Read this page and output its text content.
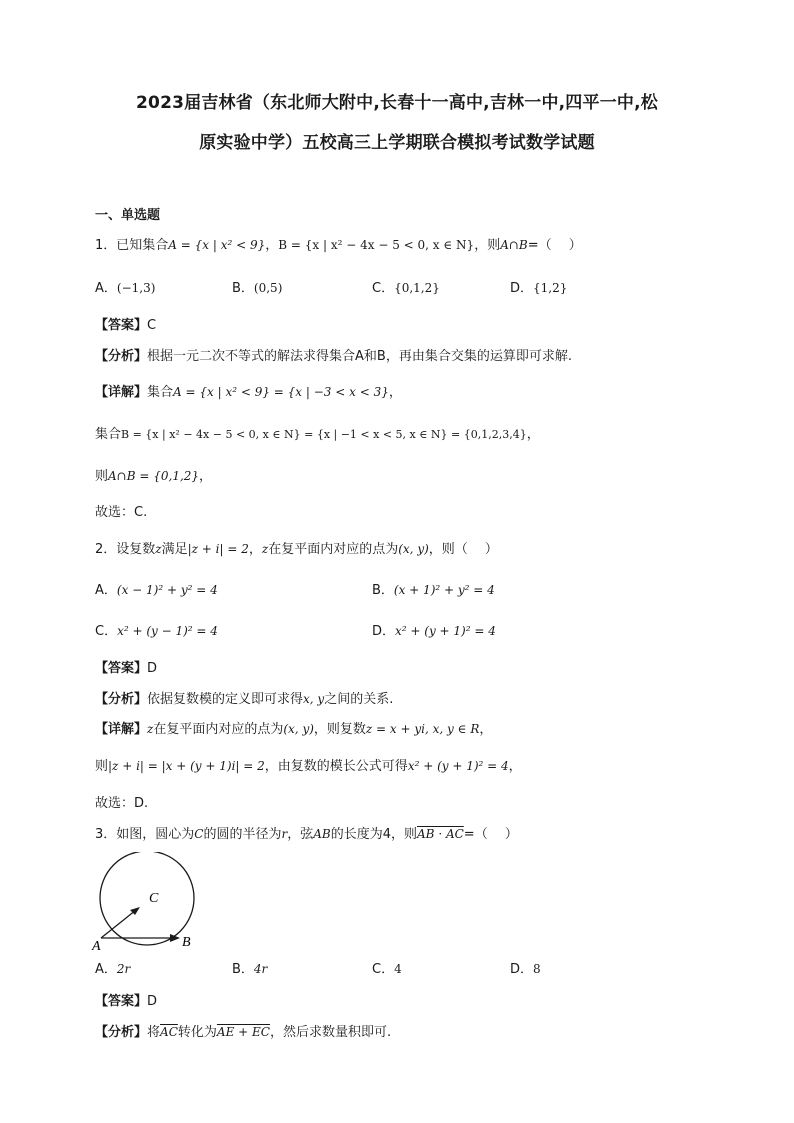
2023届吉林省（东北师大附中,长春十一高中,吉林一中,四平一中,松
原实验中学）五校高三上学期联合模拟考试数学试题
一、单选题
1．已知集合A = {x | x² < 9}，B = {x | x² − 4x − 5 < 0, x ∈ N}，则A∩B=（　 ）
A．(−1,3)	B．(0,5)	C．{0,1,2}	D．{1,2}
【答案】C
【分析】根据一元二次不等式的解法求得集合A和B，再由集合交集的运算即可求解.
【详解】集合A = {x | x² < 9} = {x | −3 < x < 3}，
集合B = {x | x² − 4x − 5 < 0, x ∈ N} = {x | −1 < x < 5, x ∈ N} = {0,1,2,3,4}，
则A∩B = {0,1,2}，
故选：C.
2．设复数z满足|z + i| = 2，z在复平面内对应的点为(x, y)，则（　 ）
A．(x − 1)² + y² = 4	B．(x + 1)² + y² = 4
C．x² + (y − 1)² = 4	D．x² + (y + 1)² = 4
【答案】D
【分析】依据复数模的定义即可求得x, y之间的关系.
【详解】z在复平面内对应的点为(x, y)，则复数z = x + yi, x, y ∈ R，
则|z + i| = |x + (y + 1)i| = 2，由复数的模长公式可得x² + (y + 1)² = 4，
故选：D.
3．如图，圆心为C的圆的半径为r，弦AB的长度为4，则AB · AC=（　 ）
C
A	B
A．2r	B．4r	C．4	D．8
【答案】D
【分析】将$\overline{AC}$转化为AE + EC，然后求数量积即可.
